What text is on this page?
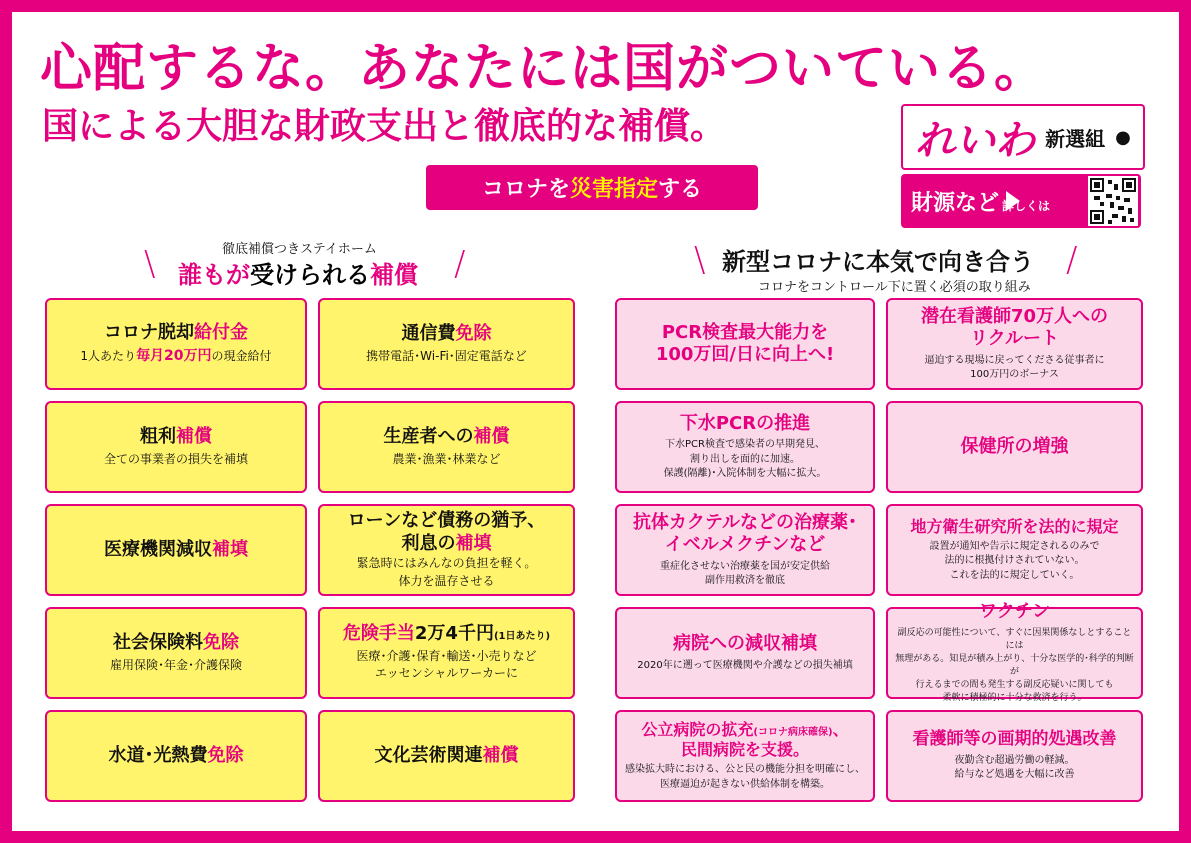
心配するな。あなたには国がついている。
国による大胆な財政支出と徹底的な補償。
コロナを 災害指定 する
れいわ 新選組 ●
財源など 詳しくは
\	/
徹底補償つきステイホーム
誰もが受けられる補償	\	/
新型コロナに本気で向き合う
コロナをコントロール下に置く必須の取り組み
コロナ脱却給付金
1人あたり毎月20万円の現金給付
通信費免除
携帯電話･Wi-Fi･固定電話など
粗利補償
全ての事業者の損失を補填
生産者への補償
農業･漁業･林業など
医療機関減収補填
ローンなど債務の猶予、
利息の補填
緊急時にはみんなの負担を軽く。
体力を温存させる
社会保険料免除
雇用保険･年金･介護保険
危険手当2万4千円(1日あたり)
医療･介護･保育･輸送･小売りなど
エッセンシャルワーカーに
水道･光熱費免除	文化芸術関連補償
PCR検査最大能力を
100万回/日に向上へ!
潜在看護師70万人への
リクルート
逼迫する現場に戻ってくださる従事者に
100万円のボーナス
下水PCRの推進
下水PCR検査で感染者の早期発見、
割り出しを面的に加速。
保護(隔離)･入院体制を大幅に拡大。
保健所の増強
抗体カクテルなどの治療薬･
イベルメクチンなど
重症化させない治療薬を国が安定供給
副作用救済を徹底
地方衛生研究所を法的に規定
設置が通知や告示に規定されるのみで
法的に根拠付けされていない。
これを法的に規定していく。
病院への減収補填
2020年に遡って医療機関や介護などの損失補填
ワクチン
副反応の可能性について、すぐに因果関係なしとすることには
無理がある。知見が積み上がり、十分な医学的･科学的判断が
行えるまでの間も発生する副反応疑いに関しても
柔軟に積極的に十分な救済を行う。
公立病院の拡充(コロナ病床確保)、
民間病院を支援。
感染拡大時における、公と民の機能分担を明確にし、
医療逼迫が起きない供給体制を構築。
看護師等の画期的処遇改善
夜勤含む超過労働の軽減。
給与など処遇を大幅に改善
